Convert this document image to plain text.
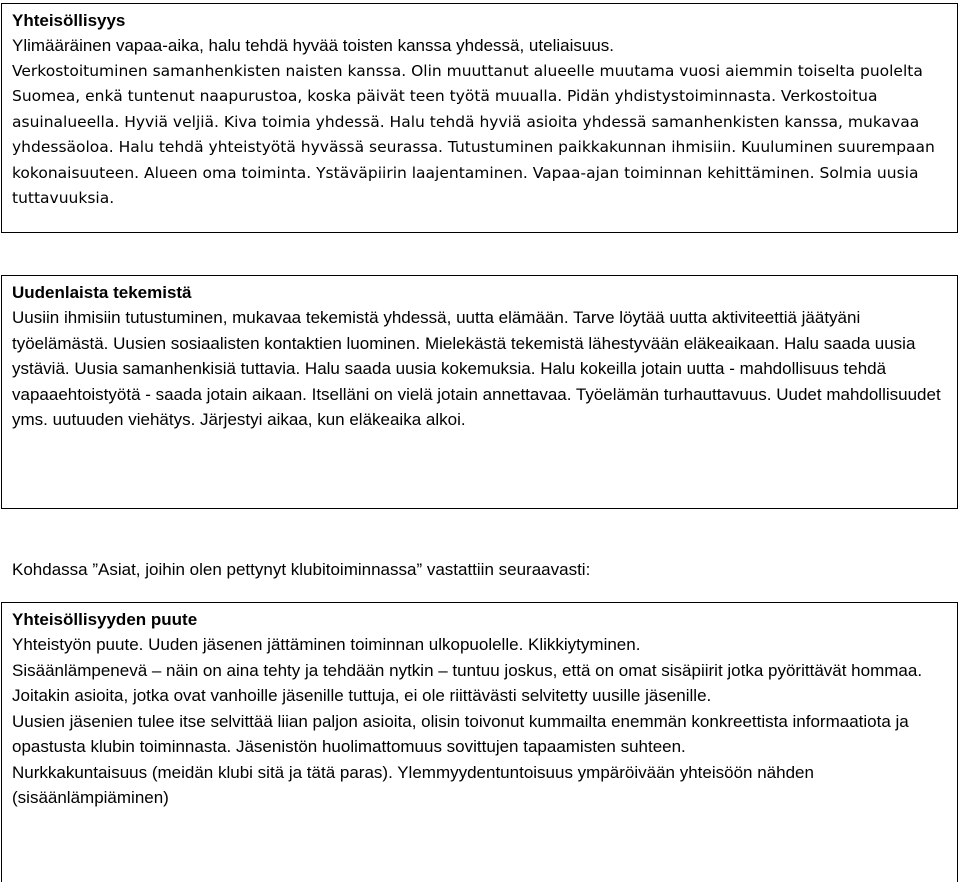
Yhteisöllisyys

Ylimääräinen vapaa-aika, halu tehdä hyvää toisten kanssa yhdessä, uteliaisuus.

Verkostoituminen samanhenkisten naisten kanssa. Olin muuttanut alueelle muutama vuosi aiemmin toiselta puolelta Suomea, enkä tuntenut naapurustoa, koska päivät teen työtä muualla. Pidän yhdistystoiminnasta. Verkostoitua asuinalueella. Hyviä veljiä. Kiva toimia yhdessä. Halu tehdä hyviä asioita yhdessä samanhenkisten kanssa, mukavaa yhdessäoloa. Halu tehdä yhteistyötä hyvässä seurassa. Tutustuminen paikkakunnan ihmisiin. Kuuluminen suurempaan kokonaisuuteen. Alueen oma toiminta. Ystäväpiirin laajentaminen. Vapaa-ajan toiminnan kehittäminen. Solmia uusia tuttavuuksia.

Uudenlaista tekemistä

Uusiin ihmisiin tutustuminen, mukavaa tekemistä yhdessä, uutta elämään. Tarve löytää uutta aktiviteettiä jäätyäni työelämästä. Uusien sosiaalisten kontaktien luominen. Mielekästä tekemistä lähestyvään eläkeaikaan. Halu saada uusia ystäviä. Uusia samanhenkisiä tuttavia. Halu saada uusia kokemuksia. Halu kokeilla jotain uutta - mahdollisuus tehdä vapaaehtoistyötä - saada jotain aikaan. Itselläni on vielä jotain annettavaa. Työelämän turhauttavuus. Uudet mahdollisuudet yms. uutuuden viehätys. Järjestyi aikaa, kun eläkeaika alkoi.

Kohdassa ”Asiat, joihin olen pettynyt klubitoiminnassa” vastattiin seuraavasti:

Yhteisöllisyyden puute

Yhteistyön puute. Uuden jäsenen jättäminen toiminnan ulkopuolelle. Klikkiytyminen.

Sisäänlämpenevä – näin on aina tehty ja tehdään nytkin – tuntuu joskus, että on omat sisäpiirit jotka pyörittävät hommaa.

Joitakin asioita, jotka ovat vanhoille jäsenille tuttuja, ei ole riittävästi selvitetty uusille jäsenille.

Uusien jäsenien tulee itse selvittää liian paljon asioita, olisin toivonut kummailta enemmän konkreettista informaatiota ja opastusta klubin toiminnasta. Jäsenistön huolimattomuus sovittujen tapaamisten suhteen.

Nurkkakuntaisuus (meidän klubi sitä ja tätä paras). Ylemmyydentuntoisuus ympäröivään yhteisöön nähden (sisäänlämpiäminen)
